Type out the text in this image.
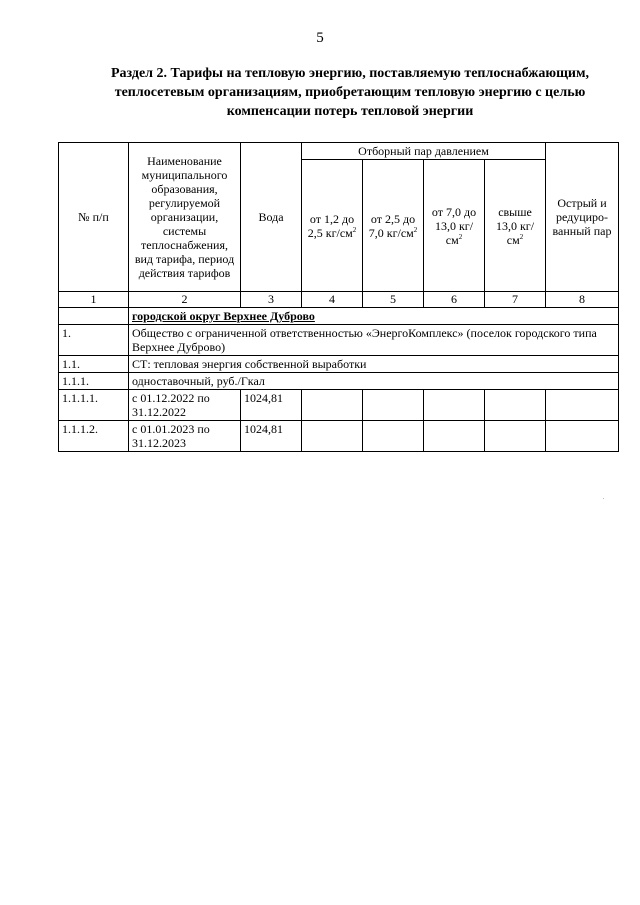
5
Раздел 2. Тарифы на тепловую энергию, поставляемую теплоснабжающим, теплосетевым организациям, приобретающим тепловую энергию с целью компенсации потерь тепловой энергии
№ п/п	Наименование муниципального образования, регулируемой организации, системы теплоснабжения, вид тарифа, период действия тарифов	Вода	Отборный пар давлением				Острый и редуциро-ванный пар
			от 1,2 до 2,5 $кг/см^2$	от 2,5 до 7,0 $кг/см^2$	от 7,0 до 13,0 $кг/см^2$	свыше 13,0 $кг/см^2$
1	2	3	4	5	6	7	8
	городской округ Верхнее Дуброво						
1.	Общество с ограниченной ответственностью «ЭнергоКомплекс» (поселок городского типа Верхнее Дуброво)						
1.1.	СТ: тепловая энергия собственной выработки						
1.1.1.	одноставочный, руб./Гкал						
1.1.1.1.	с 01.12.2022 по 31.12.2022	1024,81					
1.1.1.2.	с 01.01.2023 по 31.12.2023	1024,81					
